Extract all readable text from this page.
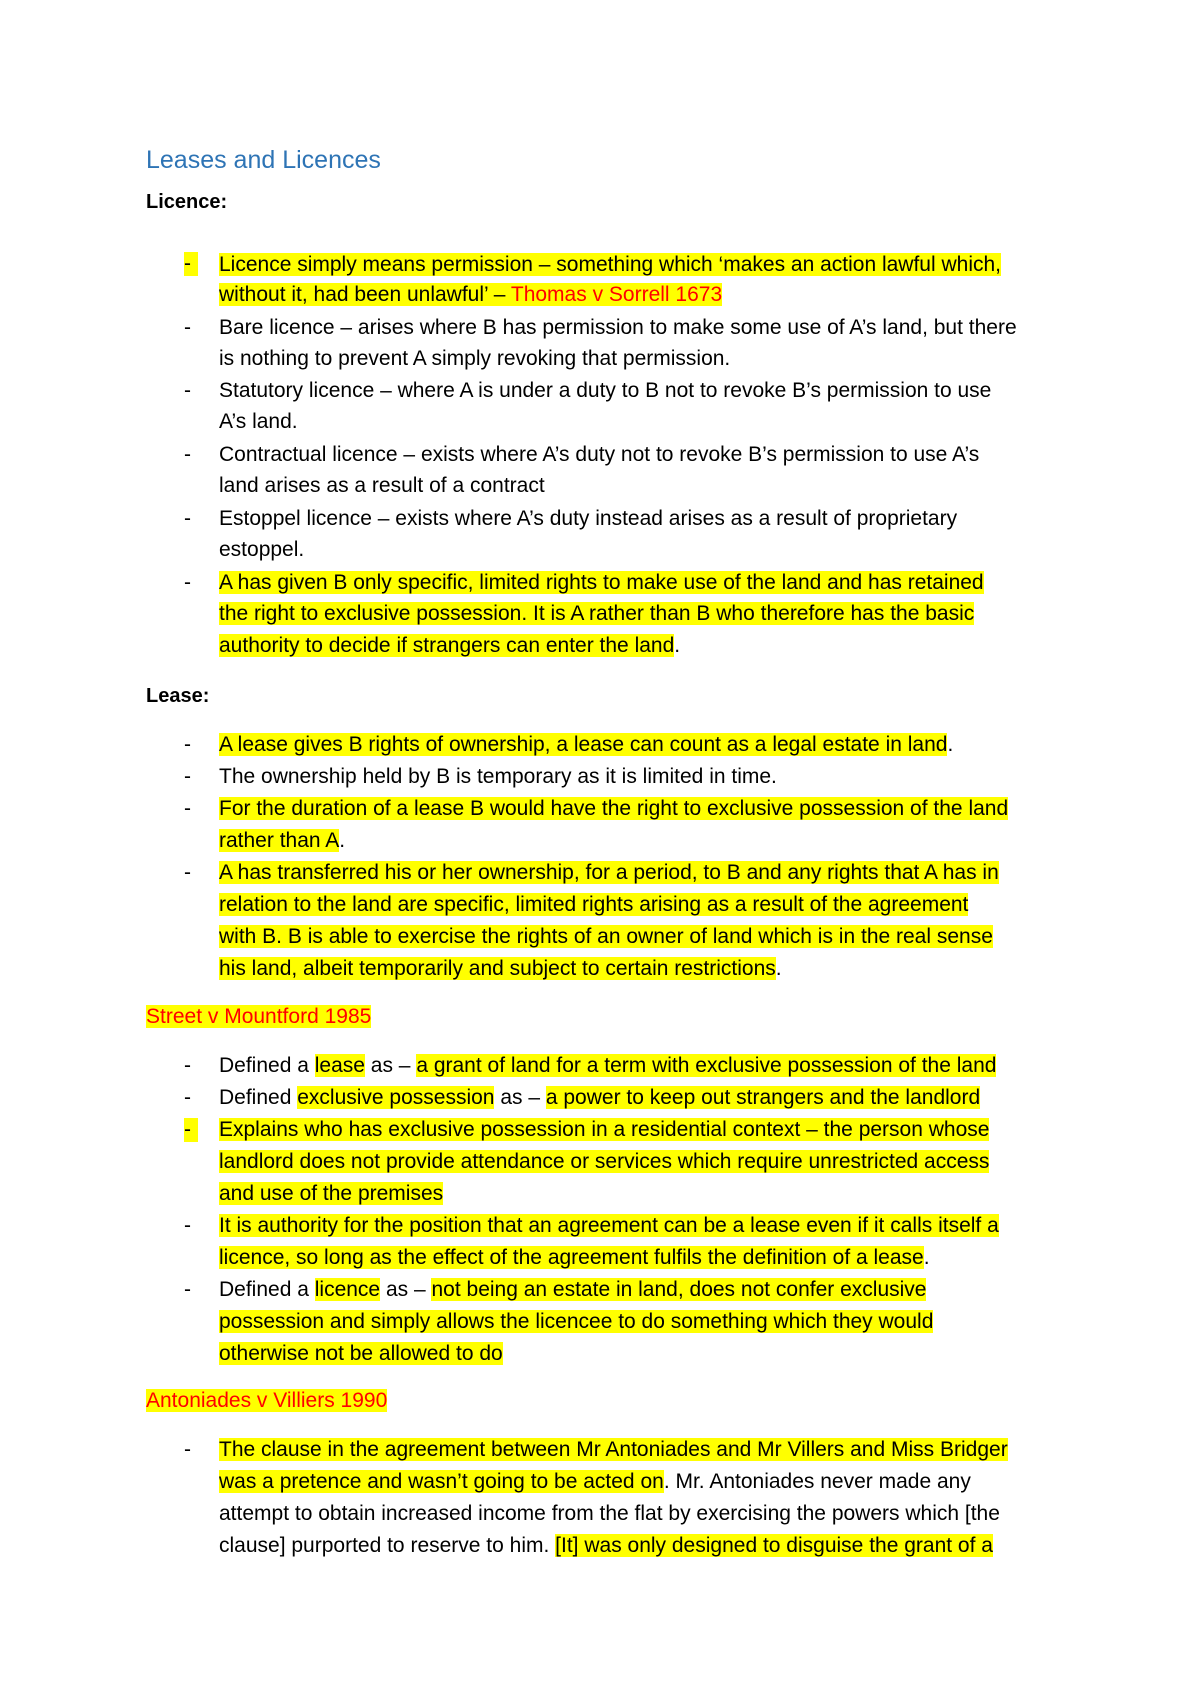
Leases and Licences
Licence:
-	Licence simply means permission – something which ‘makes an action lawful which,
without it, had been unlawful’ – Thomas v Sorrell 1673
-	Bare licence – arises where B has permission to make some use of A’s land, but there
is nothing to prevent A simply revoking that permission.
-	Statutory licence – where A is under a duty to B not to revoke B’s permission to use
A’s land.
-	Contractual licence – exists where A’s duty not to revoke B’s permission to use A’s
land arises as a result of a contract
-	Estoppel licence – exists where A’s duty instead arises as a result of proprietary
estoppel.
-	A has given B only specific, limited rights to make use of the land and has retained
the right to exclusive possession. It is A rather than B who therefore has the basic
authority to decide if strangers can enter the land.
Lease:
-	A lease gives B rights of ownership, a lease can count as a legal estate in land.
-	The ownership held by B is temporary as it is limited in time.
-	For the duration of a lease B would have the right to exclusive possession of the land
rather than A.
-	A has transferred his or her ownership, for a period, to B and any rights that A has in
relation to the land are specific, limited rights arising as a result of the agreement
with B. B is able to exercise the rights of an owner of land which is in the real sense
his land, albeit temporarily and subject to certain restrictions.
Street v Mountford 1985
-	Defined a lease as – a grant of land for a term with exclusive possession of the land
-	Defined exclusive possession as – a power to keep out strangers and the landlord
-	Explains who has exclusive possession in a residential context – the person whose
landlord does not provide attendance or services which require unrestricted access
and use of the premises
-	It is authority for the position that an agreement can be a lease even if it calls itself a
licence, so long as the effect of the agreement fulfils the definition of a lease.
-	Defined a licence as – not being an estate in land, does not confer exclusive
possession and simply allows the licencee to do something which they would
otherwise not be allowed to do
Antoniades v Villiers 1990
-	The clause in the agreement between Mr Antoniades and Mr Villers and Miss Bridger
was a pretence and wasn’t going to be acted on. Mr. Antoniades never made any
attempt to obtain increased income from the flat by exercising the powers which [the
clause] purported to reserve to him. [It] was only designed to disguise the grant of a
